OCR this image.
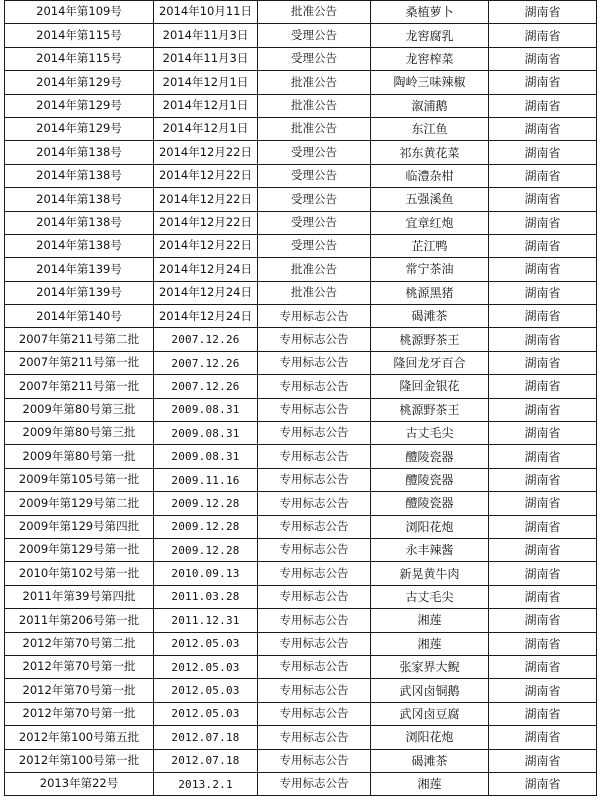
2014年第109号	2014年10月11日	批准公告	桑植萝卜	湖南省
2014年第115号	2014年11月3日	受理公告	龙窖腐乳	湖南省
2014年第115号	2014年11月3日	受理公告	龙窖榨菜	湖南省
2014年第129号	2014年12月1日	批准公告	陶岭三味辣椒	湖南省
2014年第129号	2014年12月1日	批准公告	溆浦鹅	湖南省
2014年第129号	2014年12月1日	批准公告	东江鱼	湖南省
2014年第138号	2014年12月22日	受理公告	祁东黄花菜	湖南省
2014年第138号	2014年12月22日	受理公告	临澧杂柑	湖南省
2014年第138号	2014年12月22日	受理公告	五强溪鱼	湖南省
2014年第138号	2014年12月22日	受理公告	宜章红炮	湖南省
2014年第138号	2014年12月22日	受理公告	芷江鸭	湖南省
2014年第139号	2014年12月24日	批准公告	常宁茶油	湖南省
2014年第139号	2014年12月24日	批准公告	桃源黑猪	湖南省
2014年第140号	2014年12月24日	专用标志公告	碣滩茶	湖南省
2007年第211号第二批	2007.12.26	专用标志公告	桃源野茶王	湖南省
2007年第211号第一批	2007.12.26	专用标志公告	隆回龙牙百合	湖南省
2007年第211号第一批	2007.12.26	专用标志公告	隆回金银花	湖南省
2009年第80号第三批	2009.08.31	专用标志公告	桃源野茶王	湖南省
2009年第80号第三批	2009.08.31	专用标志公告	古丈毛尖	湖南省
2009年第80号第一批	2009.08.31	专用标志公告	醴陵瓷器	湖南省
2009年第105号第一批	2009.11.16	专用标志公告	醴陵瓷器	湖南省
2009年第129号第二批	2009.12.28	专用标志公告	醴陵瓷器	湖南省
2009年第129号第四批	2009.12.28	专用标志公告	浏阳花炮	湖南省
2009年第129号第一批	2009.12.28	专用标志公告	永丰辣酱	湖南省
2010年第102号第一批	2010.09.13	专用标志公告	新晃黄牛肉	湖南省
2011年第39号第四批	2011.03.28	专用标志公告	古丈毛尖	湖南省
2011年第206号第一批	2011.12.31	专用标志公告	湘莲	湖南省
2012年第70号第二批	2012.05.03	专用标志公告	湘莲	湖南省
2012年第70号第一批	2012.05.03	专用标志公告	张家界大鲵	湖南省
2012年第70号第一批	2012.05.03	专用标志公告	武冈卤铜鹅	湖南省
2012年第70号第一批	2012.05.03	专用标志公告	武冈卤豆腐	湖南省
2012年第100号第五批	2012.07.18	专用标志公告	浏阳花炮	湖南省
2012年第100号第一批	2012.07.18	专用标志公告	碣滩茶	湖南省
2013年第22号	2013.2.1	专用标志公告	湘莲	湖南省
